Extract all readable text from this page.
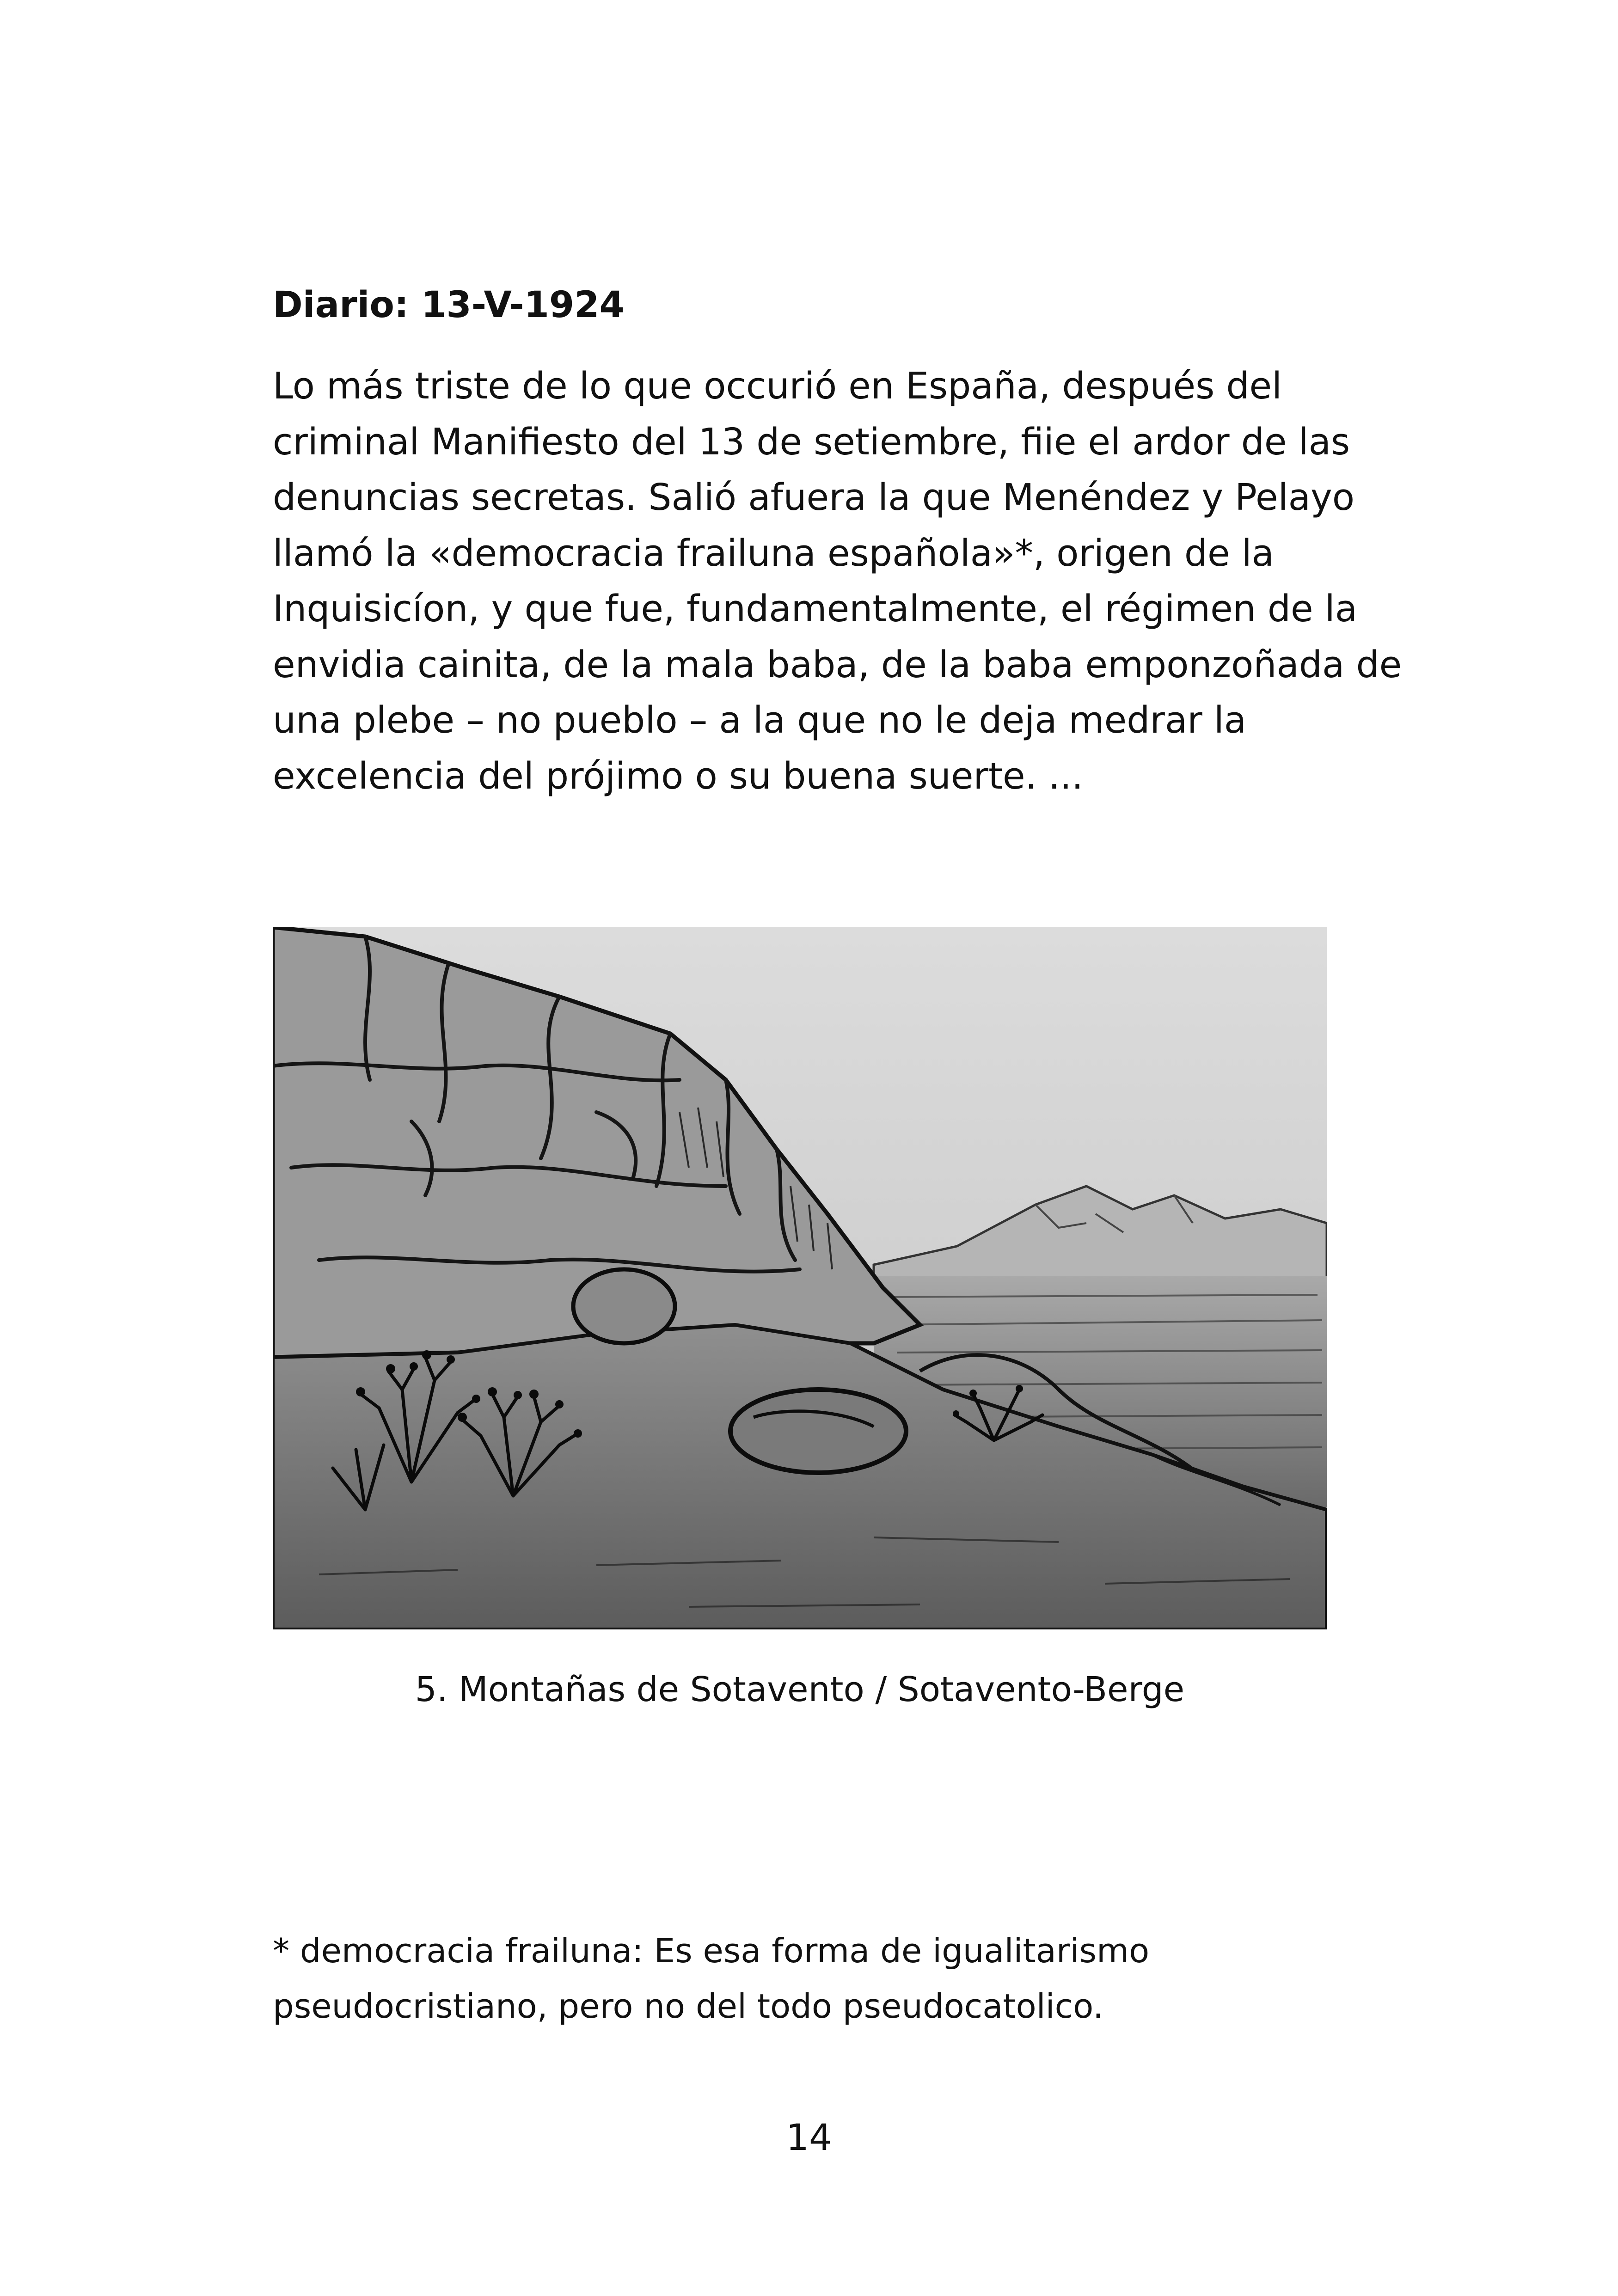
Diario: 13-V-1924

Lo más triste de lo que occurió en España, después del
criminal Manifiesto del 13 de setiembre, fiie el ardor de las
denuncias secretas. Salió afuera la que Menéndez y Pelayo
llamó la «democracia frailuna española»*, origen de la
Inquisicíon, y que fue, fundamentalmente, el régimen de la
envidia cainita, de la mala baba, de la baba emponzoñada de
una plebe – no pueblo – a la que no le deja medrar la
excelencia del prójimo o su buena suerte. ...

5. Montañas de Sotavento / Sotavento-Berge

* democracia frailuna: Es esa forma de igualitarismo
pseudocristiano, pero no del todo pseudocatolico.

14
